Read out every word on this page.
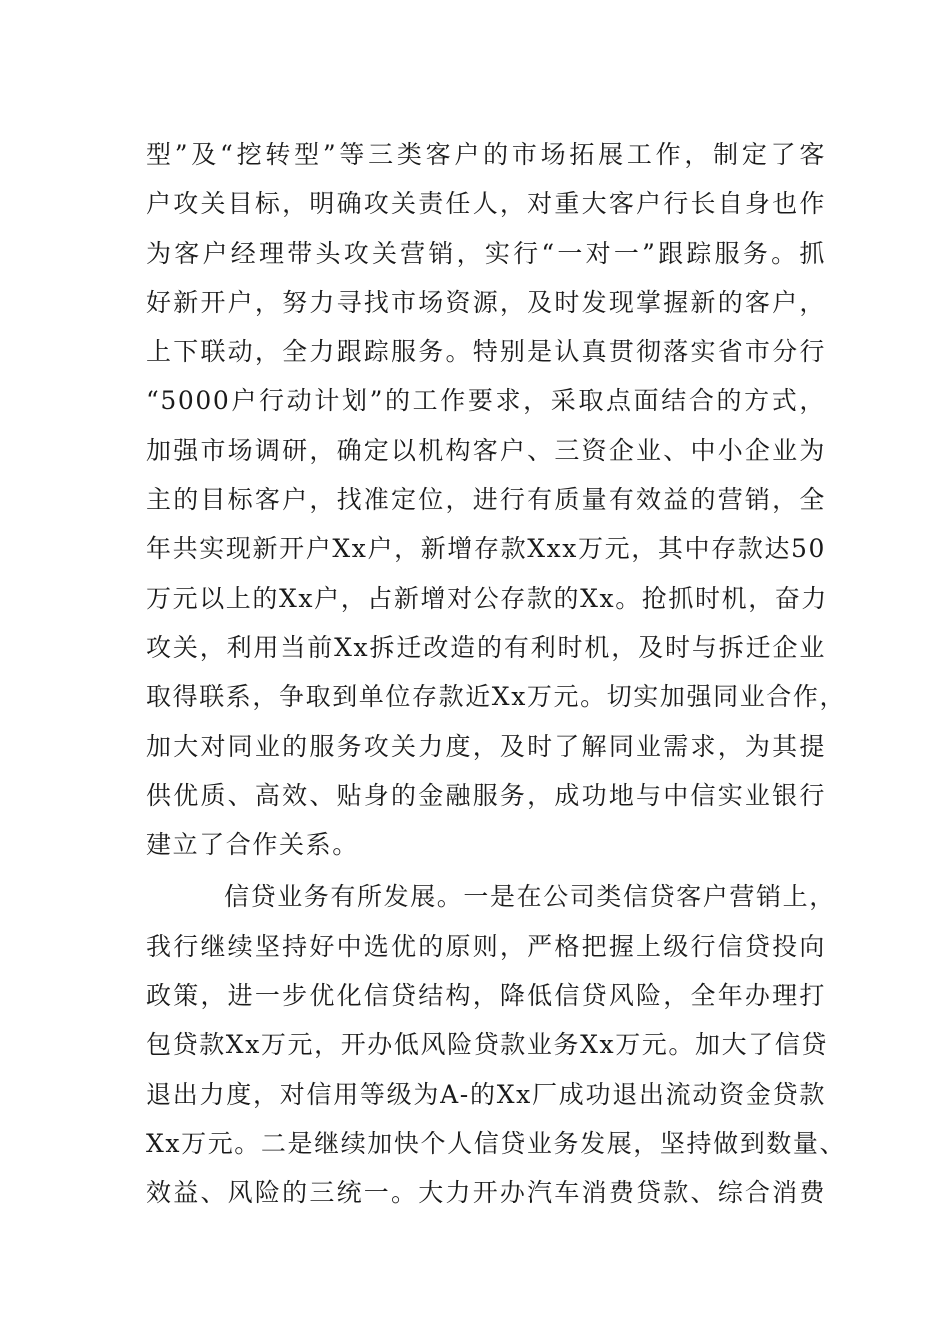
型”及“挖转型”等三类客户的市场拓展工作，制定了客
户攻关目标，明确攻关责任人，对重大客户行长自身也作
为客户经理带头攻关营销，实行“一对一”跟踪服务。抓
好新开户，努力寻找市场资源，及时发现掌握新的客户，
上下联动，全力跟踪服务。特别是认真贯彻落实省市分行
“5000户行动计划”的工作要求，采取点面结合的方式，
加强市场调研，确定以机构客户、三资企业、中小企业为
主的目标客户，找准定位，进行有质量有效益的营销，全
年共实现新开户Xx户，新增存款Xxx万元，其中存款达50
万元以上的Xx户，占新增对公存款的Xx。抢抓时机，奋力
攻关，利用当前Xx拆迁改造的有利时机，及时与拆迁企业
取得联系，争取到单位存款近Xx万元。切实加强同业合作，
加大对同业的服务攻关力度，及时了解同业需求，为其提
供优质、高效、贴身的金融服务，成功地与中信实业银行
建立了合作关系。
信贷业务有所发展。一是在公司类信贷客户营销上，
我行继续坚持好中选优的原则，严格把握上级行信贷投向
政策，进一步优化信贷结构，降低信贷风险，全年办理打
包贷款Xx万元，开办低风险贷款业务Xx万元。加大了信贷
退出力度，对信用等级为A-的Xx厂成功退出流动资金贷款
Xx万元。二是继续加快个人信贷业务发展，坚持做到数量、
效益、风险的三统一。大力开办汽车消费贷款、综合消费
